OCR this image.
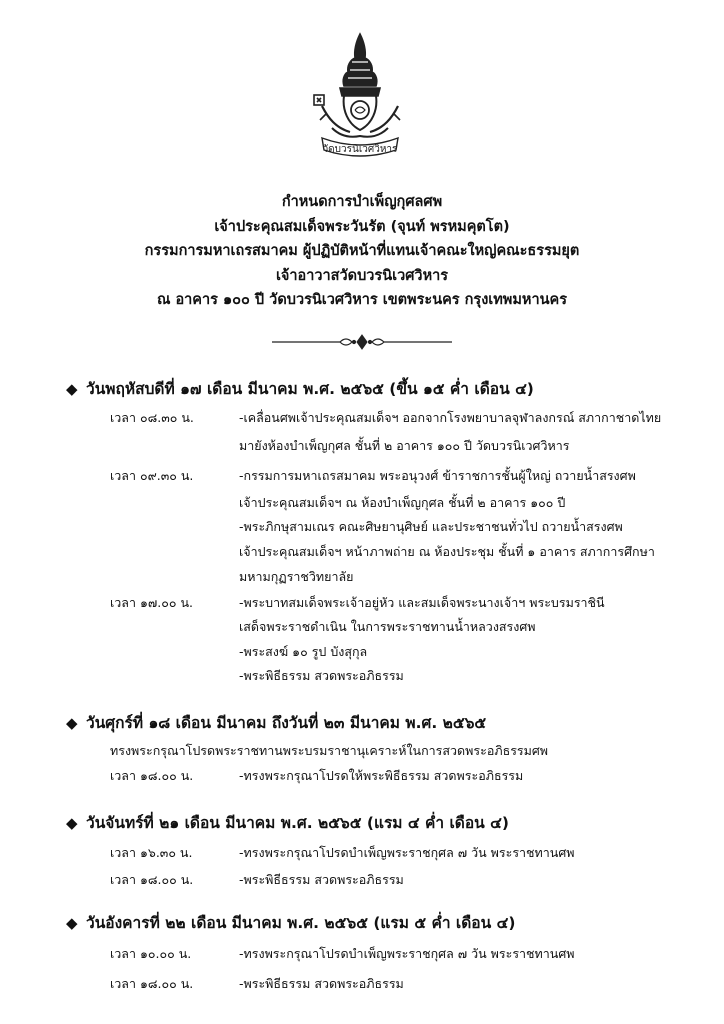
วัดบวรนิเวศวิหาร
กำหนดการบำเพ็ญกุศลศพ
เจ้าประคุณสมเด็จพระวันรัต (จุนท์ พรหมคุตโต)
กรรมการมหาเถรสมาคม ผู้ปฏิบัติหน้าที่แทนเจ้าคณะใหญ่คณะธรรมยุต
เจ้าอาวาสวัดบวรนิเวศวิหาร
ณ อาคาร ๑๐๐ ปี วัดบวรนิเวศวิหาร เขตพระนคร กรุงเทพมหานคร
◆ วันพฤหัสบดีที่ ๑๗ เดือน มีนาคม พ.ศ. ๒๕๖๕ (ขึ้น ๑๕ ค่ำ เดือน ๔)
เวลา ๐๘.๓๐ น.	-เคลื่อนศพเจ้าประคุณสมเด็จฯ ออกจากโรงพยาบาลจุฬาลงกรณ์ สภากาชาดไทย
มายังห้องบำเพ็ญกุศล ชั้นที่ ๒ อาคาร ๑๐๐ ปี วัดบวรนิเวศวิหาร
เวลา ๐๙.๓๐ น.	-กรรมการมหาเถรสมาคม พระอนุวงศ์ ข้าราชการชั้นผู้ใหญ่ ถวายน้ำสรงศพ
เจ้าประคุณสมเด็จฯ ณ ห้องบำเพ็ญกุศล ชั้นที่ ๒ อาคาร ๑๐๐ ปี
-พระภิกษุสามเณร คณะศิษยานุศิษย์ และประชาชนทั่วไป ถวายน้ำสรงศพ
เจ้าประคุณสมเด็จฯ หน้าภาพถ่าย ณ ห้องประชุม ชั้นที่ ๑ อาคาร สภาการศึกษา
มหามกุฏราชวิทยาลัย
เวลา ๑๗.๐๐ น.	-พระบาทสมเด็จพระเจ้าอยู่หัว และสมเด็จพระนางเจ้าฯ พระบรมราชินี
เสด็จพระราชดำเนิน ในการพระราชทานน้ำหลวงสรงศพ
-พระสงฆ์ ๑๐ รูป บังสุกุล
-พระพิธีธรรม สวดพระอภิธรรม
◆ วันศุกร์ที่ ๑๘ เดือน มีนาคม ถึงวันที่ ๒๓ มีนาคม พ.ศ. ๒๕๖๕
ทรงพระกรุณาโปรดพระราชทานพระบรมราชานุเคราะห์ในการสวดพระอภิธรรมศพ
เวลา ๑๘.๐๐ น.	-ทรงพระกรุณาโปรดให้พระพิธีธรรม สวดพระอภิธรรม
◆ วันจันทร์ที่ ๒๑ เดือน มีนาคม พ.ศ. ๒๕๖๕ (แรม ๔ ค่ำ เดือน ๔)
เวลา ๑๖.๓๐ น.	-ทรงพระกรุณาโปรดบำเพ็ญพระราชกุศล ๗ วัน พระราชทานศพ
เวลา ๑๘.๐๐ น.	-พระพิธีธรรม สวดพระอภิธรรม
◆ วันอังคารที่ ๒๒ เดือน มีนาคม พ.ศ. ๒๕๖๕ (แรม ๕ ค่ำ เดือน ๔)
เวลา ๑๐.๐๐ น.	-ทรงพระกรุณาโปรดบำเพ็ญพระราชกุศล ๗ วัน พระราชทานศพ
เวลา ๑๘.๐๐ น.	-พระพิธีธรรม สวดพระอภิธรรม
